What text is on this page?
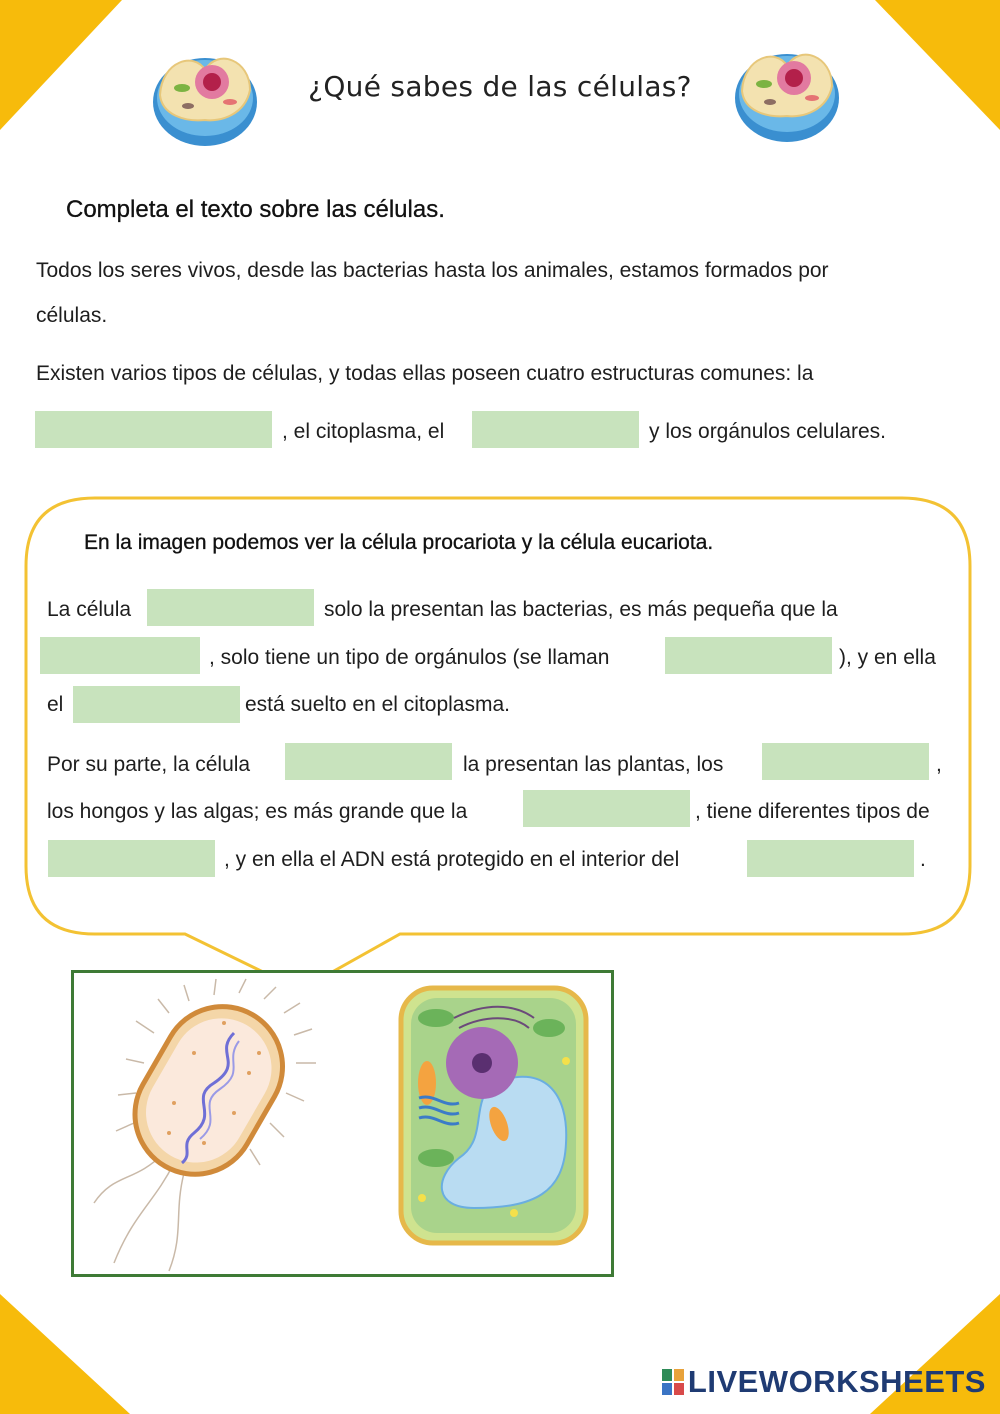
¿Qué sabes de las células?
Completa el texto sobre las células.
Todos los seres vivos, desde las bacterias hasta los animales, estamos formados por
células.
Existen varios tipos de células, y todas ellas poseen cuatro estructuras comunes: la
, el citoplasma, el	y los orgánulos celulares.
En la imagen podemos ver la célula procariota y la célula eucariota.
La célula	solo la presentan las bacterias, es más pequeña que la
, solo tiene un tipo de orgánulos (se llaman	), y en ella
el	está suelto en el citoplasma.
Por su parte, la célula	la presentan las plantas, los	,
los hongos y las algas; es más grande que la	, tiene diferentes tipos de
, y en ella el ADN está protegido en el interior del	.
LIVEWORKSHEETS
